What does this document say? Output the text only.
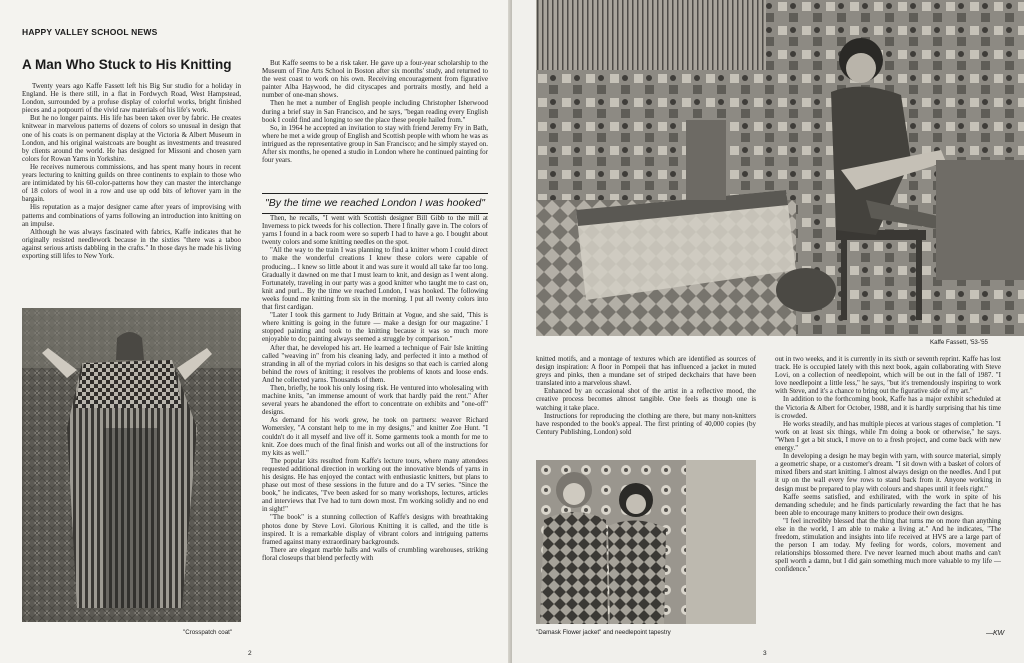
HAPPY VALLEY SCHOOL NEWS
A Man Who Stuck to His Knitting

Twenty years ago Kaffe Fassett left his Big Sur studio for a holiday in England. He is there still, in a flat in Fordwych Road, West Hampstead, London, surrounded by a profuse display of colorful works, bright finished pieces and a potpourri of the vivid raw materials of his life's work.

But he no longer paints. His life has been taken over by fabric. He creates knitwear in marvelous patterns of dozens of colors so unusual in design that one of his coats is on permanent display at the Victoria & Albert Museum in London, and his original waistcoats are bought as investments and treasured by clients around the world. He has designed for Missoni and chosen yarn colors for Rowan Yarns in Yorkshire.

He receives numerous commissions, and has spent many hours in recent years lecturing to knitting guilds on three continents to explain to those who are intimidated by his 60-color-patterns how they can master the interchange of 18 colors of wool in a row and use up odd bits of leftover yarn in the bargain.

His reputation as a major designer came after years of improvising with patterns and combinations of yarns following an introduction into knitting on an impulse.

Although he was always fascinated with fabrics, Kaffe indicates that he originally resisted needlework because in the sixties "there was a taboo against serious artists dabbling in the crafts." In those days he made his living exporting still lifes to New York.

"Crosspatch coat"

But Kaffe seems to be a risk taker. He gave up a four-year scholarship to the Museum of Fine Arts School in Boston after six months' study, and returned to the west coast to work on his own. Receiving encouragement from figurative painter Alba Haywood, he did cityscapes and portraits mostly, and held a number of one-man shows.

Then he met a number of English people including Christopher Isherwood during a brief stay in San Francisco, and he says, "began reading every English book I could find and longing to see the place these people hailed from."

So, in 1964 he accepted an invitation to stay with friend Jeremy Fry in Bath, where he met a wide group of English and Scottish people with whom he was as intrigued as the representative group in San Francisco; and he simply stayed on. After six months, he opened a studio in London where he continued painting for four years.

"By the time we reached London I was hooked"

Then, he recalls, "I went with Scottish designer Bill Gibb to the mill at Inverness to pick tweeds for his collection. There I finally gave in. The colors of yarns I found in a back room were so superb I had to have a go. I bought about twenty colors and some knitting needles on the spot.

"All the way to the train I was planning to find a knitter whom I could direct to make the wonderful creations I knew these colors were capable of producing... I knew so little about it and was sure it would all take far too long. Gradually it dawned on me that I must learn to knit, and design as I went along. Fortunately, traveling in our party was a good knitter who taught me to cast on, knit and purl... By the time we reached London, I was hooked. The following weeks found me knitting from six in the morning. I put all twenty colors into that first cardigan.

"Later I took this garment to Judy Brittain at Vogue, and she said, 'This is where knitting is going in the future — make a design for our magazine.' I stopped painting and took to the knitting because it was so much more enjoyable to do; painting always seemed a struggle by comparison."

After that, he developed his art. He learned a technique of Fair Isle knitting called "weaving in" from his cleaning lady, and perfected it into a method of stranding in all of the myriad colors in his designs so that each is carried along behind the rows of knitting; it resolves the problems of knots and loose ends. And he collected yarns. Thousands of them.

Then, briefly, he took his only losing risk. He ventured into wholesaling with machine knits, "an immense amount of work that hardly paid the rent." After several years he abandoned the effort to concentrate on exhibits and "one-off" designs.

As demand for his work grew, he took on partners: weaver Richard Womersley, "A constant help to me in my designs," and knitter Zoe Hunt. "I couldn't do it all myself and live off it. Some garments took a month for me to knit. Zoe does much of the final finish and works out all of the instructions for my kits as well."

The popular kits resulted from Kaffe's lecture tours, where many attendees requested additional direction in working out the innovative blends of yarns in his designs. He has enjoyed the contact with enthusiastic knitters, but plans to phase out most of these sessions in the future and do a TV series. "Since the book," he indicates, "I've been asked for so many workshops, lectures, articles and interviews that I've had to turn down most. I'm working solidly and no end in sight!"

"The book" is a stunning collection of Kaffe's designs with breathtaking photos done by Steve Lovi. Glorious Knitting it is called, and the title is inspired. It is a remarkable display of vibrant colors and intriguing patterns framed against many extraordinary backgrounds.

There are elegant marble halls and walls of crumbling warehouses, striking floral closeups that blend perfectly with

2
Kaffe Fassett, '53-'55

knitted motifs, and a montage of textures which are identified as sources of design inspiration: A floor in Pompeii that has influenced a jacket in muted greys and pinks, then a mundane set of striped deckchairs that have been translated into a marvelous shawl.

Enhanced by an occasional shot of the artist in a reflective mood, the creative process becomes almost tangible. One feels as though one is watching it take place.

Instructions for reproducing the clothing are there, but many non-knitters have responded to the book's appeal. The first printing of 40,000 copies (by Century Publishing, London) sold

"Damask Flower jacket" and needlepoint tapestry

out in two weeks, and it is currently in its sixth or seventh reprint. Kaffe has lost track. He is occupied lately with this next book, again collaborating with Steve Lovi, on a collection of needlepoint, which will be out in the fall of 1987. "I love needlepoint a little less," he says, "but it's tremendously inspiring to work with Steve, and it's a chance to bring out the figurative side of my art."

In addition to the forthcoming book, Kaffe has a major exhibit scheduled at the Victoria & Albert for October, 1988, and it is hardly surprising that his time is crowded.

He works steadily, and has multiple pieces at various stages of completion. "I work on at least six things, while I'm doing a book or otherwise," he says. "When I get a bit stuck, I move on to a fresh project, and come back with new energy."

In developing a design he may begin with yarn, with source material, simply a geometric shape, or a customer's dream. "I sit down with a basket of colors of mixed fibers and start knitting. I almost always design on the needles. And I put it up on the wall every few rows to stand back from it. Anyone working in design must be prepared to play with colours and shapes until it feels right."

Kaffe seems satisfied, and exhilirated, with the work in spite of his demanding schedule; and he finds particularly rewarding the fact that he has been able to encourage many knitters to produce their own designs.

"I feel incredibly blessed that the thing that turns me on more than anything else in the world, I am able to make a living at." And he indicates, "The freedom, stimulation and insights into life received at HVS are a large part of the person I am today. My feeling for words, colors, movement and relationships blossomed there. I've never learned much about maths and can't spell worth a damn, but I did gain something much more valuable to my life — confidence."

—KW
3
